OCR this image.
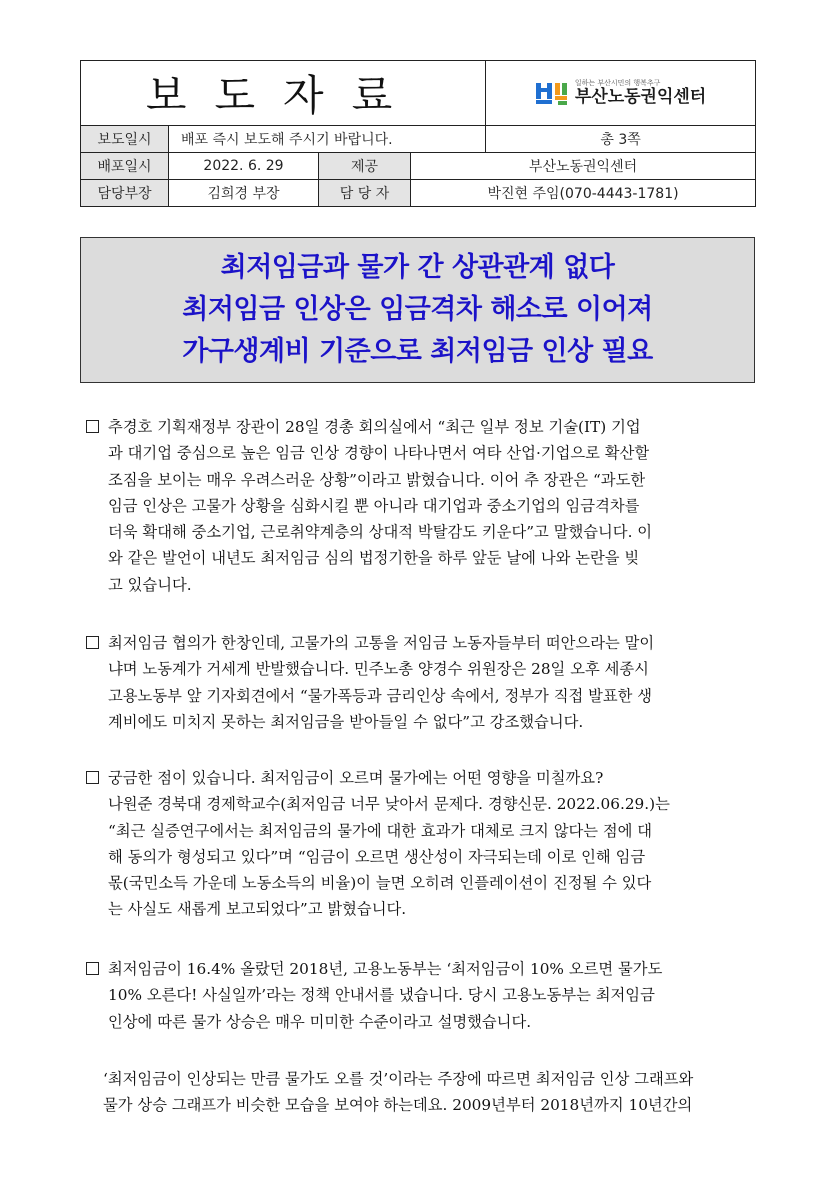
보도자료				일하는 부산시민의 행복추구
부산노동권익센터

보도일시	배포 즉시 보도해 주시기 바랍니다.			총 3쪽
배포일시	2022. 6. 29	제공	부산노동권익센터	
담당부장	김희경 부장	담 당 자	박진현 주임(070-4443-1781)	
최저임금과 물가 간 상관관계 없다
최저임금 인상은 임금격차 해소로 이어져
가구생계비 기준으로 최저임금 인상 필요
추경호 기획재정부 장관이 28일 경총 회의실에서 “최근 일부 정보 기술(IT) 기업
과 대기업 중심으로 높은 임금 인상 경향이 나타나면서 여타 산업·기업으로 확산할
조짐을 보이는 매우 우려스러운 상황”이라고 밝혔습니다. 이어 추 장관은 “과도한
임금 인상은 고물가 상황을 심화시킬 뿐 아니라 대기업과 중소기업의 임금격차를
더욱 확대해 중소기업, 근로취약계층의 상대적 박탈감도 키운다”고 말했습니다. 이
와 같은 발언이 내년도 최저임금 심의 법정기한을 하루 앞둔 날에 나와 논란을 빚
고 있습니다.
최저임금 협의가 한창인데, 고물가의 고통을 저임금 노동자들부터 떠안으라는 말이
냐며 노동계가 거세게 반발했습니다. 민주노총 양경수 위원장은 28일 오후 세종시
고용노동부 앞 기자회견에서 “물가폭등과 금리인상 속에서, 정부가 직접 발표한 생
계비에도 미치지 못하는 최저임금을 받아들일 수 없다”고 강조했습니다.
궁금한 점이 있습니다. 최저임금이 오르며 물가에는 어떤 영향을 미칠까요?
나원준 경북대 경제학교수(최저임금 너무 낮아서 문제다. 경향신문. 2022.06.29.)는
“최근 실증연구에서는 최저임금의 물가에 대한 효과가 대체로 크지 않다는 점에 대
해 동의가 형성되고 있다”며 “임금이 오르면 생산성이 자극되는데 이로 인해 임금
몫(국민소득 가운데 노동소득의 비율)이 늘면 오히려 인플레이션이 진정될 수 있다
는 사실도 새롭게 보고되었다”고 밝혔습니다.
최저임금이 16.4% 올랐던 2018년, 고용노동부는 ‘최저임금이 10% 오르면 물가도
10% 오른다! 사실일까’라는 정책 안내서를 냈습니다. 당시 고용노동부는 최저임금
인상에 따른 물가 상승은 매우 미미한 수준이라고 설명했습니다.
‘최저임금이 인상되는 만큼 물가도 오를 것’이라는 주장에 따르면 최저임금 인상 그래프와
물가 상승 그래프가 비슷한 모습을 보여야 하는데요. 2009년부터 2018년까지 10년간의
